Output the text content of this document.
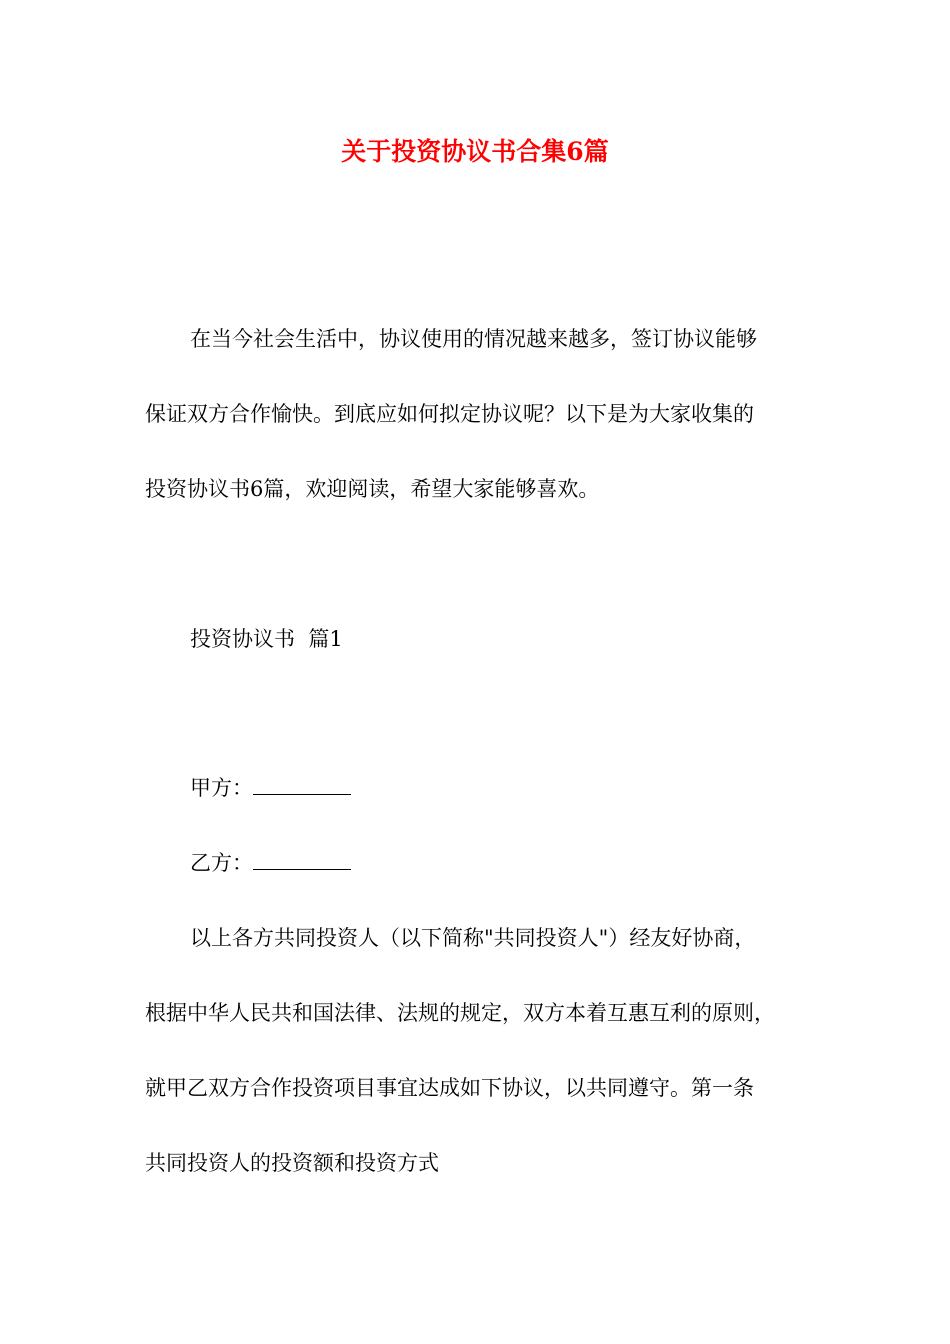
关于投资协议书合集6篇
在当今社会生活中，协议使用的情况越来越多，签订协议能够
保证双方合作愉快。到底应如何拟定协议呢？以下是为大家收集的
投资协议书6篇，欢迎阅读，希望大家能够喜欢。
投资协议书  篇1
甲方：
乙方：
以上各方共同投资人（以下简称"共同投资人"）经友好协商，
根据中华人民共和国法律、法规的规定，双方本着互惠互利的原则，
就甲乙双方合作投资项目事宜达成如下协议，以共同遵守。第一条
共同投资人的投资额和投资方式
